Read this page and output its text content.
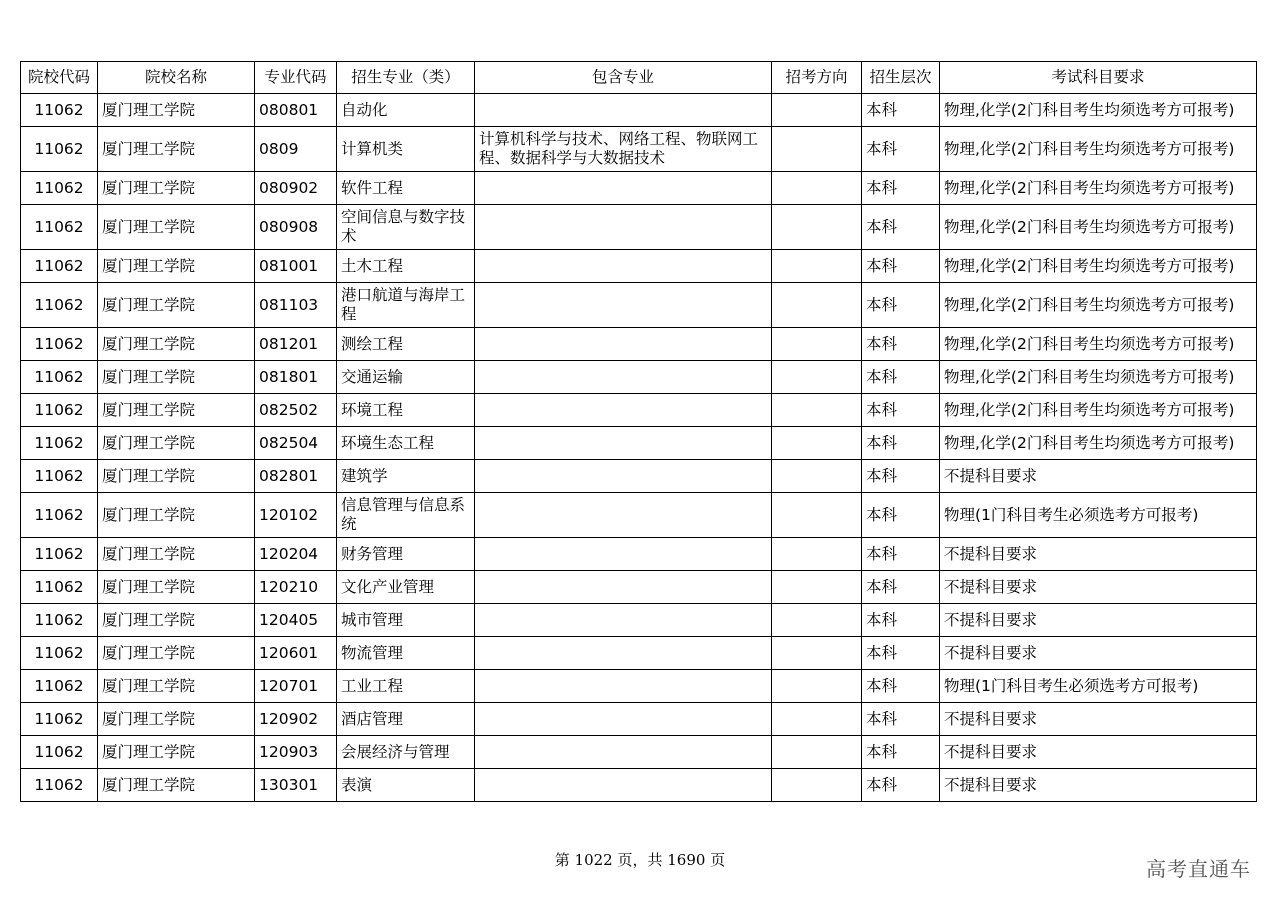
院校代码	院校名称	专业代码	招生专业（类）	包含专业	招考方向	招生层次	考试科目要求
11062	厦门理工学院	080801	自动化			本科	物理,化学(2门科目考生均须选考方可报考)
11062	厦门理工学院	0809	计算机类	计算机科学与技术、网络工程、物联网工程、数据科学与大数据技术		本科	物理,化学(2门科目考生均须选考方可报考)
11062	厦门理工学院	080902	软件工程			本科	物理,化学(2门科目考生均须选考方可报考)
11062	厦门理工学院	080908	空间信息与数字技术			本科	物理,化学(2门科目考生均须选考方可报考)
11062	厦门理工学院	081001	土木工程			本科	物理,化学(2门科目考生均须选考方可报考)
11062	厦门理工学院	081103	港口航道与海岸工程			本科	物理,化学(2门科目考生均须选考方可报考)
11062	厦门理工学院	081201	测绘工程			本科	物理,化学(2门科目考生均须选考方可报考)
11062	厦门理工学院	081801	交通运输			本科	物理,化学(2门科目考生均须选考方可报考)
11062	厦门理工学院	082502	环境工程			本科	物理,化学(2门科目考生均须选考方可报考)
11062	厦门理工学院	082504	环境生态工程			本科	物理,化学(2门科目考生均须选考方可报考)
11062	厦门理工学院	082801	建筑学			本科	不提科目要求
11062	厦门理工学院	120102	信息管理与信息系统			本科	物理(1门科目考生必须选考方可报考)
11062	厦门理工学院	120204	财务管理			本科	不提科目要求
11062	厦门理工学院	120210	文化产业管理			本科	不提科目要求
11062	厦门理工学院	120405	城市管理			本科	不提科目要求
11062	厦门理工学院	120601	物流管理			本科	不提科目要求
11062	厦门理工学院	120701	工业工程			本科	物理(1门科目考生必须选考方可报考)
11062	厦门理工学院	120902	酒店管理			本科	不提科目要求
11062	厦门理工学院	120903	会展经济与管理			本科	不提科目要求
11062	厦门理工学院	130301	表演			本科	不提科目要求
第 1022 页，共 1690 页	高考直通车
